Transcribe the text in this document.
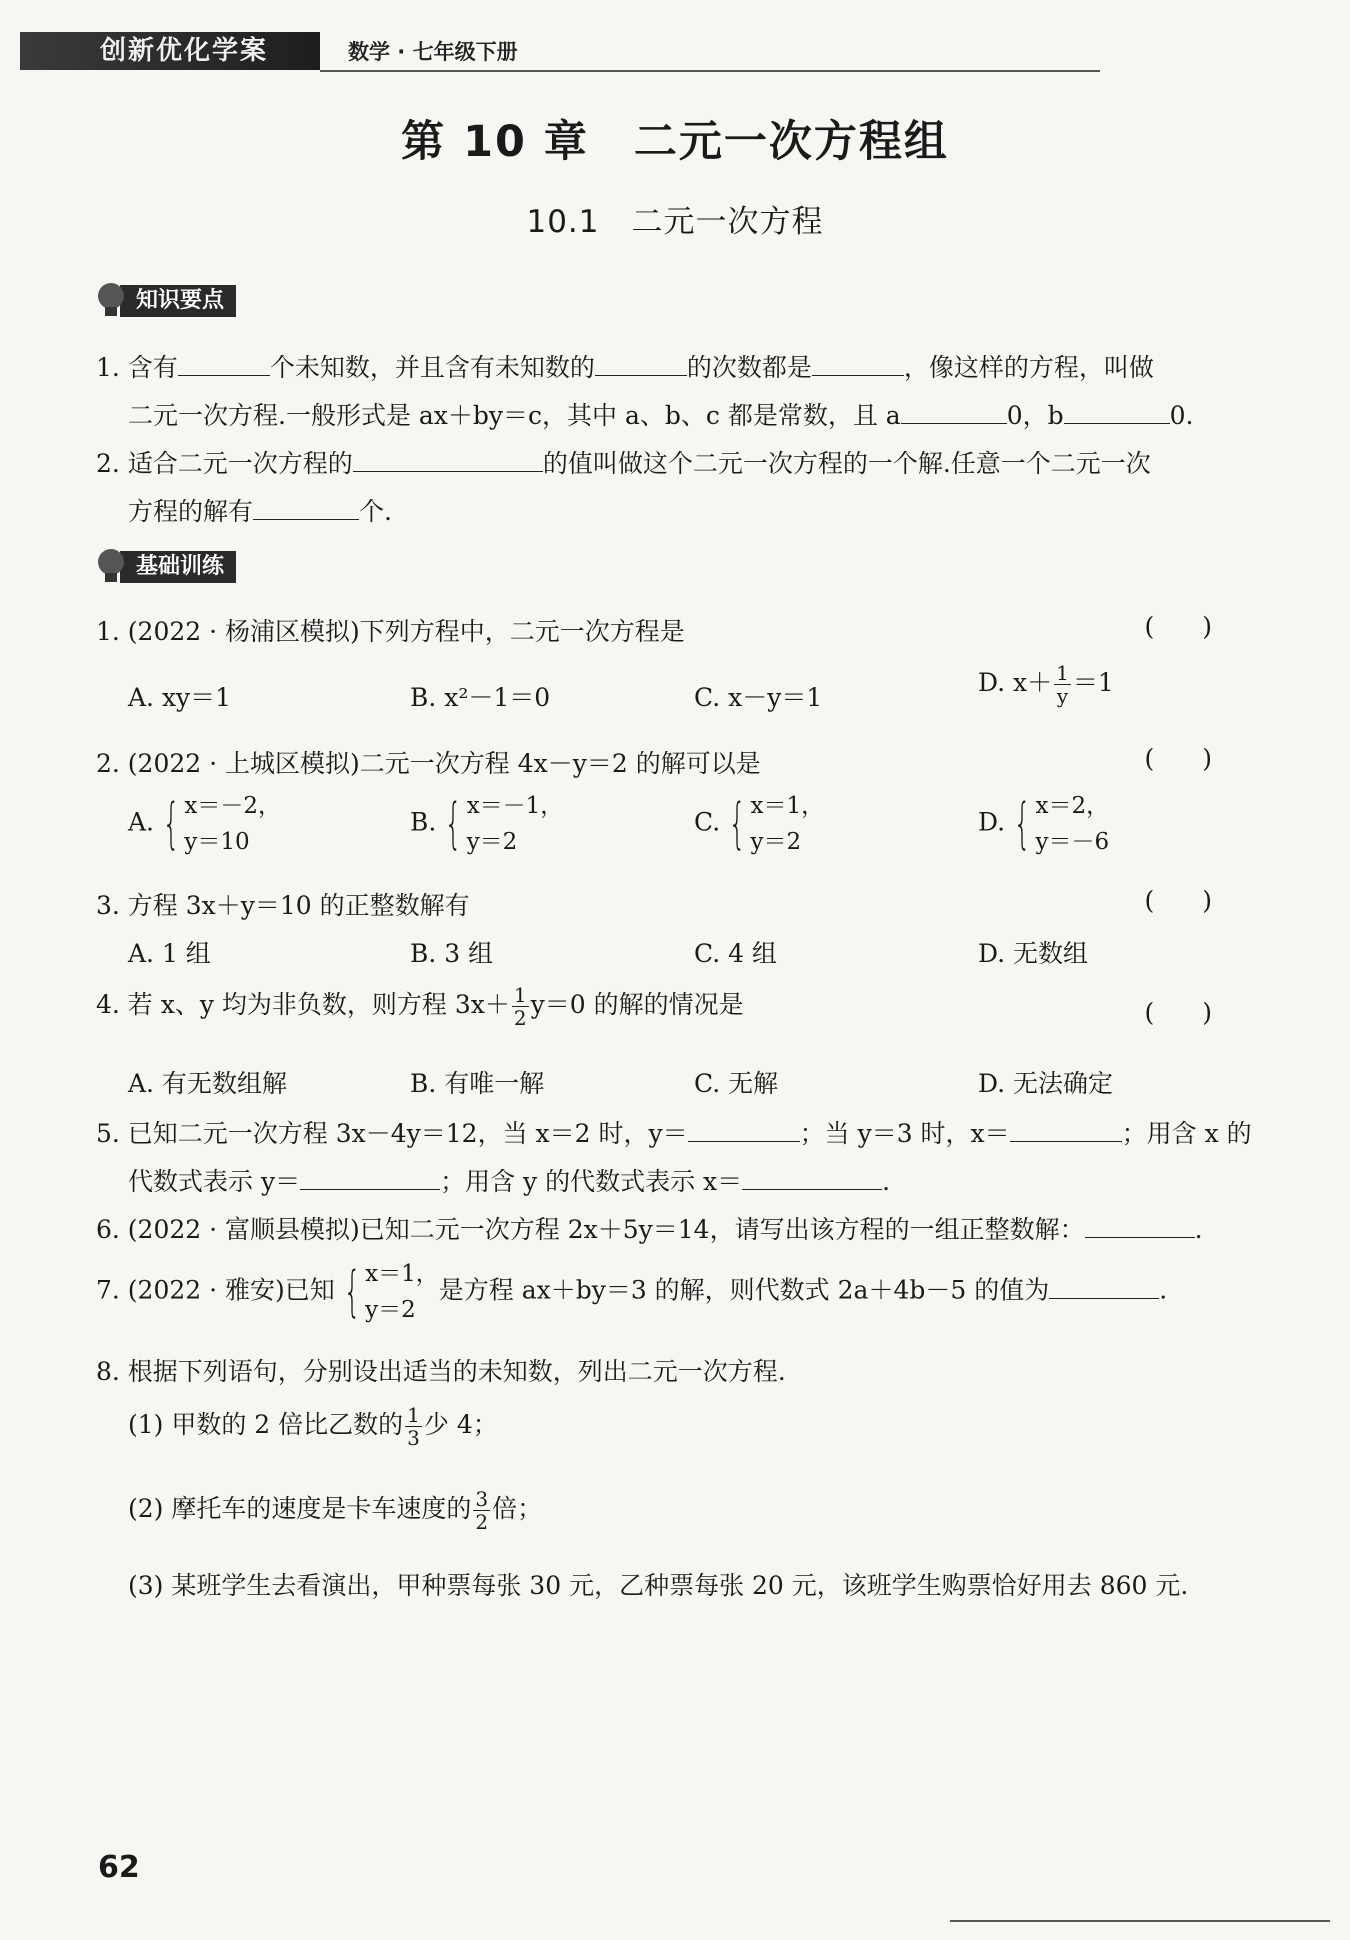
创新优化学案	数学 · 七年级下册
第 10 章　二元一次方程组
10.1　二元一次方程
知识要点
1. 含有	个未知数，并且含有未知数的	的次数都是	，像这样的方程，叫做
二元一次方程.一般形式是 ax＋by＝c，其中 a、b、c 都是常数，且 a	0，b	0.
2. 适合二元一次方程的	的值叫做这个二元一次方程的一个解.任意一个二元一次
方程的解有	个.
基础训练
1. (2022 · 杨浦区模拟)下列方程中，二元一次方程是	()
A. xy＝1	B. x²－1＝0	C. x－y＝1
D. $x+ \frac{1}{y} =1$
2. (2022 · 上城区模拟)二元一次方程 4x－y＝2 的解可以是	()
A. { x＝－2，
y＝10
B. { x＝－1，
y＝2
C. { x＝1，
y＝2
D. { x＝2，
y＝－6
3. 方程 3x＋y＝10 的正整数解有	()
A. 1 组	B. 3 组	C. 4 组	D. 无数组
4. 若 x、y 均为非负数，则方程 $3x+ \frac{1}{2} y=0$ 的解的情况是	()
A. 有无数组解	B. 有唯一解	C. 无解	D. 无法确定
5. 已知二元一次方程 3x－4y＝12，当 x＝2 时，y＝	；当 y＝3 时，x＝	；用含 x 的
代数式表示 y＝	；用含 y 的代数式表示 x＝	.
6. (2022 · 富顺县模拟)已知二元一次方程 2x＋5y＝14，请写出该方程的一组正整数解：	.
7. (2022 · 雅安)已知 { x＝1，
y＝2
是方程 ax＋by＝3 的解，则代数式 2a＋4b－5 的值为	.
8. 根据下列语句，分别设出适当的未知数，列出二元一次方程.
(1) 甲数的 2 倍比乙数的 $\frac{1}{3}$ 少 4；
(2) 摩托车的速度是卡车速度的 $\frac{3}{2}$ 倍；
(3) 某班学生去看演出，甲种票每张 30 元，乙种票每张 20 元，该班学生购票恰好用去 860 元.
62
